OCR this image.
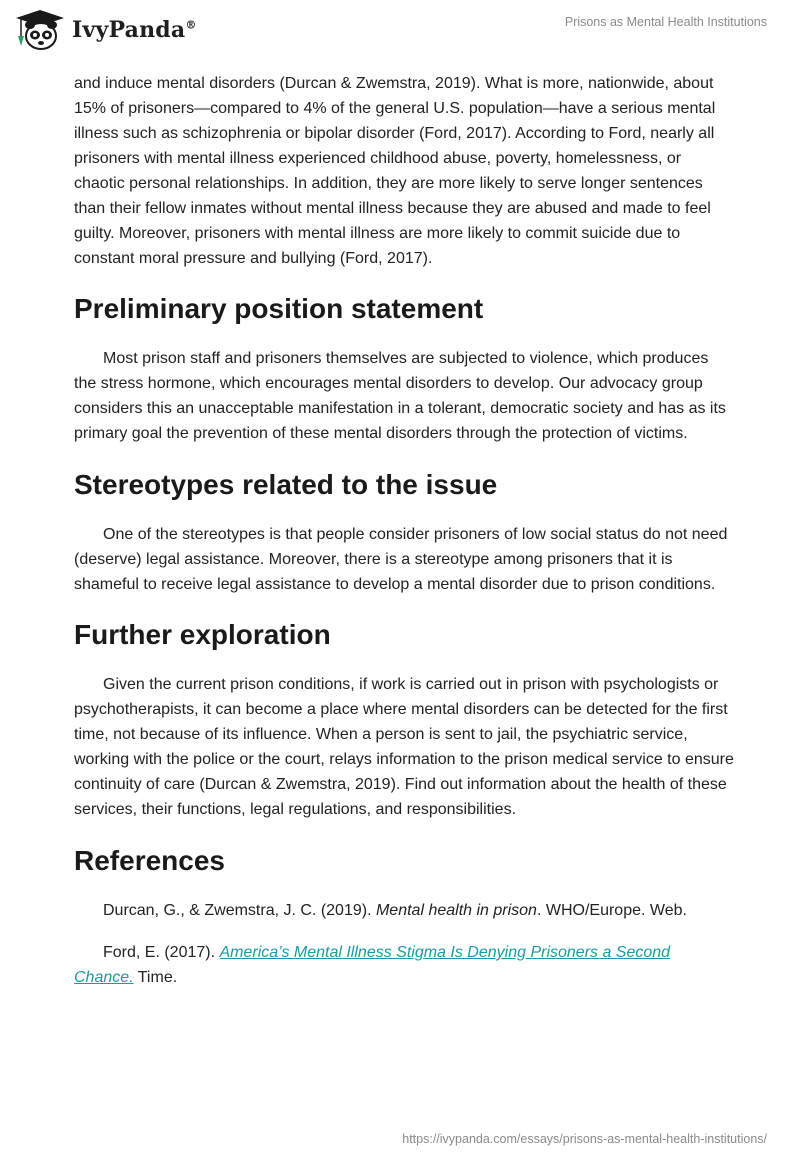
IvyPanda®	Prisons as Mental Health Institutions

and induce mental disorders (Durcan & Zwemstra, 2019). What is more, nationwide, about 15% of prisoners—compared to 4% of the general U.S. population—have a serious mental illness such as schizophrenia or bipolar disorder (Ford, 2017). According to Ford, nearly all prisoners with mental illness experienced childhood abuse, poverty, homelessness, or chaotic personal relationships. In addition, they are more likely to serve longer sentences than their fellow inmates without mental illness because they are abused and made to feel guilty. Moreover, prisoners with mental illness are more likely to commit suicide due to constant moral pressure and bullying (Ford, 2017).

Preliminary position statement

Most prison staff and prisoners themselves are subjected to violence, which produces the stress hormone, which encourages mental disorders to develop. Our advocacy group considers this an unacceptable manifestation in a tolerant, democratic society and has as its primary goal the prevention of these mental disorders through the protection of victims.

Stereotypes related to the issue

One of the stereotypes is that people consider prisoners of low social status do not need (deserve) legal assistance. Moreover, there is a stereotype among prisoners that it is shameful to receive legal assistance to develop a mental disorder due to prison conditions.

Further exploration

Given the current prison conditions, if work is carried out in prison with psychologists or psychotherapists, it can become a place where mental disorders can be detected for the first time, not because of its influence. When a person is sent to jail, the psychiatric service, working with the police or the court, relays information to the prison medical service to ensure continuity of care (Durcan & Zwemstra, 2019). Find out information about the health of these services, their functions, legal regulations, and responsibilities.

References

Durcan, G., & Zwemstra, J. C. (2019). Mental health in prison. WHO/Europe. Web.

Ford, E. (2017). America’s Mental Illness Stigma Is Denying Prisoners a Second Chance. Time.

https://ivypanda.com/essays/prisons-as-mental-health-institutions/
